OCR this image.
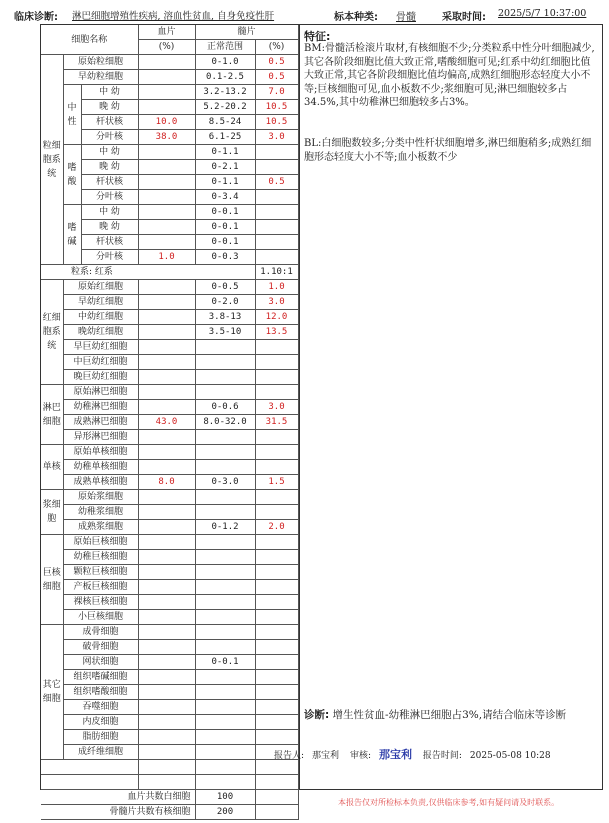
临床诊断: 淋巴细胞增殖性疾病, 溶血性贫血, 自身免疫性肝	标本种类: 骨髓	采取时间: 2025/5/7 10:37:00
细胞名称			血片	髓片	
			(%)	正常范围	(%)
粒细胞系统	原始粒细胞			0-1.0	0.5
	早幼粒细胞			0.1-2.5	0.5
	中性	中 幼		3.2-13.2	7.0
		晚 幼		5.2-20.2	10.5
		杆状核	10.0	8.5-24	10.5
		分叶核	38.0	6.1-25	3.0
	嗜酸	中 幼		0-1.1	
		晚 幼		0-2.1	
		杆状核		0-1.1	0.5
		分叶核		0-3.4	
	嗜碱	中 幼		0-0.1	
		晚 幼		0-0.1	
		杆状核		0-0.1	
		分叶核	1.0	0-0.3	
粒系: 红系					1.10:1
红细胞系统	原始红细胞			0-0.5	1.0
	早幼红细胞			0-2.0	3.0
	中幼红细胞			3.8-13	12.0
	晚幼红细胞			3.5-10	13.5
	早巨幼红细胞				
	中巨幼红细胞				
	晚巨幼红细胞				
淋巴细胞	原始淋巴细胞				
	幼稚淋巴细胞			0-0.6	3.0
	成熟淋巴细胞		43.0	8.0-32.0	31.5
	异形淋巴细胞				
单核	原始单核细胞				
	幼稚单核细胞				
	成熟单核细胞		8.0	0-3.0	1.5
浆细胞	原始浆细胞				
	幼稚浆细胞				
	成熟浆细胞			0-1.2	2.0
巨核细胞	原始巨核细胞				
	幼稚巨核细胞				
	颗粒巨核细胞				
	产板巨核细胞				
	裸核巨核细胞				
	小巨核细胞				
其它细胞	成骨细胞				
	破骨细胞				
	网状细胞			0-0.1	
	组织嗜碱细胞				
	组织嗜酸细胞				
	吞噬细胞				
	内皮细胞				
	脂肪细胞				
	成纤维细胞				

血片共数白细胞				100	
骨髓片共数有核细胞				200	
特征:
BM:骨髓活检滚片取材,有核细胞不少;分类粒系中性分叶细胞减少,其它各阶段细胞比值大致正常,嗜酸细胞可见;红系中幼红细胞比值大致正常,其它各阶段细胞比值均偏高,成熟红细胞形态轻度大小不等;巨核细胞可见,血小板数不少;浆细胞可见;淋巴细胞较多占34.5%,其中幼稚淋巴细胞较多占3%。
BL:白细胞数较多;分类中性杆状细胞增多,淋巴细胞稍多;成熟红细胞形态轻度大小不等;血小板数不少
诊断: 增生性贫血-幼稚淋巴细胞占3%,请结合临床等诊断
报告人: 那宝利 审核: 那宝利 报告时间: 2025-05-08 10:28
本报告仅对所检标本负责,仅供临床参考,如有疑问请及时联系。
